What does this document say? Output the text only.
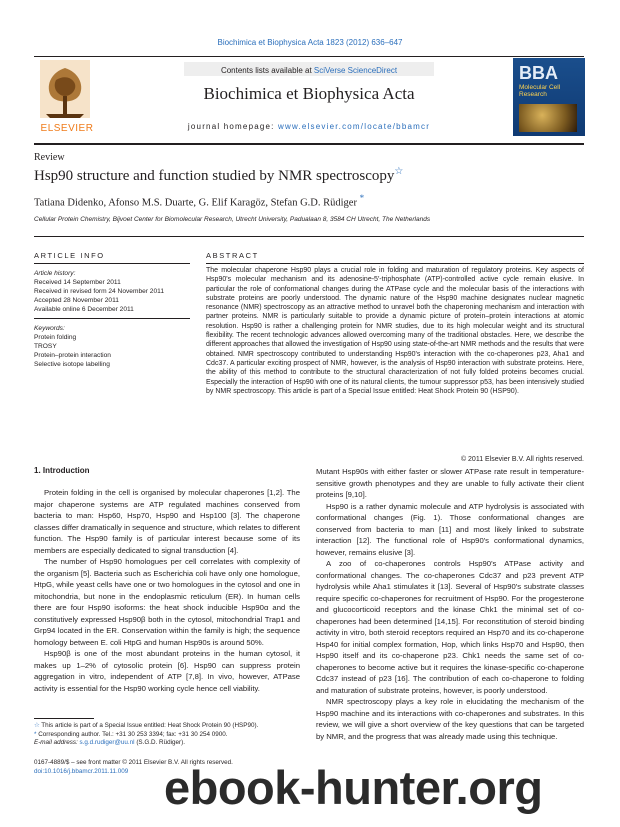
Biochimica et Biophysica Acta 1823 (2012) 636–647
ELSEVIER
Contents lists available at SciVerse ScienceDirect
Biochimica et Biophysica Acta
journal homepage: www.elsevier.com/locate/bbamcr
BBA
Molecular Cell Research
Review
Hsp90 structure and function studied by NMR spectroscopy☆
Tatiana Didenko, Afonso M.S. Duarte, G. Elif Karagöz, Stefan G.D. Rüdiger *
Cellular Protein Chemistry, Bijvoet Center for Biomolecular Research, Utrecht University, Padualaan 8, 3584 CH Utrecht, The Netherlands
ARTICLE INFO
Article history:
Received 14 September 2011
Received in revised form 24 November 2011
Accepted 28 November 2011
Available online 6 December 2011
Keywords:
Protein folding
TROSY
Protein–protein interaction
Selective isotope labelling
ABSTRACT
The molecular chaperone Hsp90 plays a crucial role in folding and maturation of regulatory proteins. Key aspects of Hsp90's molecular mechanism and its adenosine-5′-triphosphate (ATP)-controlled active cycle remain elusive. In particular the role of conformational changes during the ATPase cycle and the molecular basis of the interactions with substrate proteins are poorly understood. The dynamic nature of the Hsp90 machine designates nuclear magnetic resonance (NMR) spectroscopy as an attractive method to unravel both the chaperoning mechanism and interaction with partner proteins. NMR is particularly suitable to provide a dynamic picture of protein–protein interactions at atomic resolution. Hsp90 is rather a challenging protein for NMR studies, due to its high molecular weight and its structural flexibility. The recent technologic advances allowed overcoming many of the traditional obstacles. Here, we describe the different approaches that allowed the investigation of Hsp90 using state-of-the-art NMR methods and the results that were obtained. NMR spectroscopy contributed to understanding Hsp90's interaction with the co-chaperones p23, Aha1 and Cdc37. A particular exciting prospect of NMR, however, is the analysis of Hsp90 interaction with substrate proteins. Here, the ability of this method to contribute to the structural characterization of not fully folded proteins becomes crucial. Especially the interaction of Hsp90 with one of its natural clients, the tumour suppressor p53, has been intensively studied by NMR spectroscopy. This article is part of a Special Issue entitled: Heat Shock Protein 90 (HSP90).
© 2011 Elsevier B.V. All rights reserved.
1. Introduction

Protein folding in the cell is organised by molecular chaperones [1,2]. The major chaperone systems are ATP regulated machines conserved from bacteria to man: Hsp60, Hsp70, Hsp90 and Hsp100 [3]. The chaperone classes differ dramatically in sequence and structure, which relates to different function. The Hsp90 family is of particular interest because some of its members are especially dedicated to signal transduction [4].

The number of Hsp90 homologues per cell correlates with complexity of the organism [5]. Bacteria such as Escherichia coli have only one homologue, HtpG, while yeast cells have one or two homologues in the cytosol and one in mitochondria, but none in the endoplasmic reticulum (ER). In human cells there are four Hsp90 isoforms: the heat shock inducible Hsp90α and the constitutively expressed Hsp90β both in the cytosol, mitochondrial Trap1 and Grp94 located in the ER. Conservation within the family is high; the sequence homology between E. coli HtpG and human Hsp90s is around 50%.

Hsp90β is one of the most abundant proteins in the human cytosol, it makes up 1–2% of cytosolic protein [6]. Hsp90 can suppress protein aggregation in vitro, independent of ATP [7,8]. In vivo, however, ATPase activity is essential for the Hsp90 working cycle hence cell viability.

Mutant Hsp90s with either faster or slower ATPase rate result in temperature-sensitive growth phenotypes and they are unable to fully activate their client proteins [9,10].

Hsp90 is a rather dynamic molecule and ATP hydrolysis is associated with conformational changes (Fig. 1). Those conformational changes are conserved from bacteria to man [11] and most likely linked to substrate interaction [12]. The functional role of Hsp90's conformational dynamics, however, remains elusive [3].

A zoo of co-chaperones controls Hsp90's ATPase activity and conformational changes. The co-chaperones Cdc37 and p23 prevent ATP hydrolysis while Aha1 stimulates it [13]. Several of Hsp90's substrate classes require specific co-chaperones for recruitment of Hsp90. For the progesterone and glucocorticoid receptors and the kinase Chk1 the minimal set of co-chaperones had been determined [14,15]. For reconstitution of steroid binding activity in vitro, both steroid receptors required an Hsp70 and its co-chaperone Hsp40 for initial complex formation, Hop, which links Hsp70 and Hsp90, then Hsp90 itself and its co-chaperone p23. Chk1 needs the same set of co-chaperones to become active but it requires the kinase-specific co-chaperone Cdc37 instead of p23 [16]. The contribution of each co-chaperone to folding and maturation of substrate proteins, however, is poorly understood.

NMR spectroscopy plays a key role in elucidating the mechanism of the Hsp90 machine and its interactions with co-chaperones and substrates. In this review, we will give a short overview of the key questions that can be targeted by NMR, and the progress that was already made using this technique.

☆ This article is part of a Special Issue entitled: Heat Shock Protein 90 (HSP90).
* Corresponding author. Tel.: +31 30 253 3394; fax: +31 30 254 0900.
E-mail address: s.g.d.rudiger@uu.nl (S.G.D. Rüdiger).
0167-4889/$ – see front matter © 2011 Elsevier B.V. All rights reserved.
doi:10.1016/j.bbamcr.2011.11.009 ebook-hunter.org
